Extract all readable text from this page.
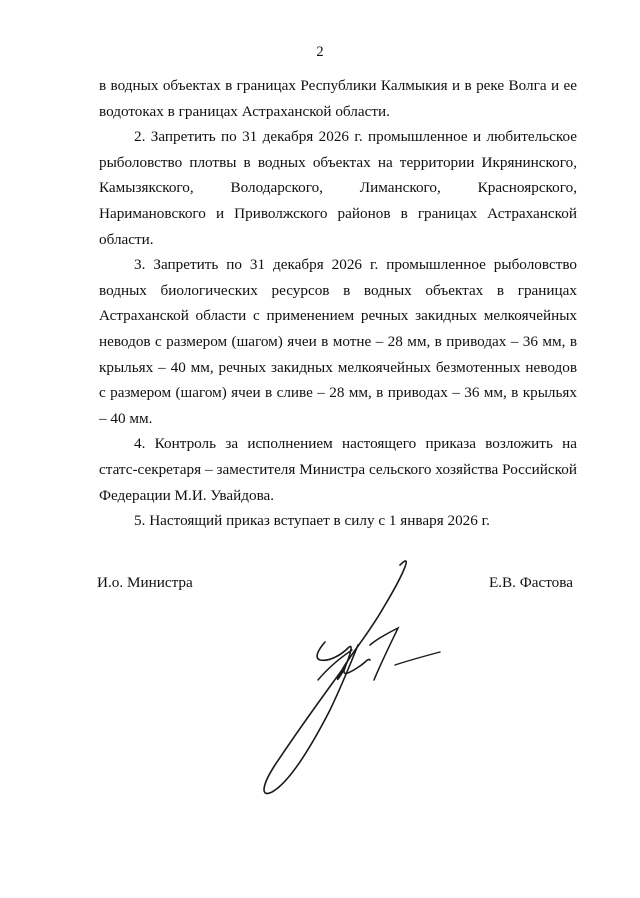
2

в водных объектах в границах Республики Калмыкия и в реке Волга и ее водотоках в границах Астраханской области.

2. Запретить по 31 декабря 2026 г. промышленное и любительское рыболовство плотвы в водных объектах на территории Икрянинского, Камызякского, Володарского, Лиманского, Красноярского, Наримановского и Приволжского районов в границах Астраханской области.

3. Запретить по 31 декабря 2026 г. промышленное рыболовство водных биологических ресурсов в водных объектах в границах Астраханской области с применением речных закидных мелкоячейных неводов с размером (шагом) ячеи в мотне – 28 мм, в приводах – 36 мм, в крыльях – 40 мм, речных закидных мелкоячейных безмотенных неводов с размером (шагом) ячеи в сливе – 28 мм, в приводах – 36 мм, в крыльях – 40 мм.

4. Контроль за исполнением настоящего приказа возложить на статс-секретаря – заместителя Министра сельского хозяйства Российской Федерации М.И. Увайдова.

5. Настоящий приказ вступает в силу с 1 января 2026 г.

И.о. Министра	Е.В. Фастова
